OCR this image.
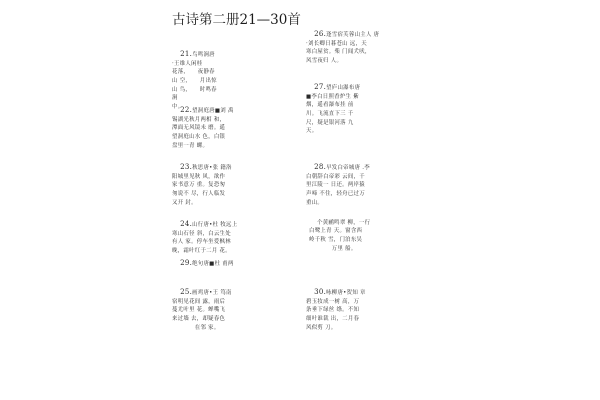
古诗第二册21—30首

21.鸟鸣涧唐
·王维人闲桂
花落，　　夜静春
山 空，　　月出惊
山 鸟，　　时鸣春
涧
中。

22.望洞庭唐■刘 禹
锡湖光秋月两相 和，
潭面无风镜未 磨。遥
望洞庭山水 色，白银
盘里一青 螺。

23.秋思唐•张 籍洛
阳城里见秋 风，欲作
家书意万 重。复恐匆
匆说不 尽，行人临发
又开 封。

24.山行唐•杜 牧远上
寒山石径 斜，白云生处
有人 家。停车坐爱枫林
晚，霜叶红于二月 花。

29.绝句唐■杜 甫两

25.画鸡唐•王 笃南
宿明见花间 露，雨后
蔓尤叶里 花。蝉嘴飞
来过墙 去，却疑春色
　　　　在邻 家。

26.逢雪宿芙蓉山主人 唐
·刘长卿日暮苍山 远，天
寒白屋贫。柴 门闻犬吠，
风雪夜归 人。

27.望庐山瀑布唐
■李白日照香炉生 紫
烟，遥看瀑布挂 前
川。飞流直下三 千
尺，疑是银河落 九
天。

28.早发白帝城唐 .李
白朝辞白帝彩 云间，千
里江陵一 日还。两岸猿
声啼 不住，轻舟已过万
重山。

个黄鹂鸣翠 柳，一行
白鹭上青 天。窗含西
岭千秋 雪，门泊东吴
　　　　万里 船。

30.咏柳唐•贺知 章
碧玉妆成一树 高，万
条垂下绿丝 绦。不知
细叶谁裁 出，二月春
风似剪 刀。
